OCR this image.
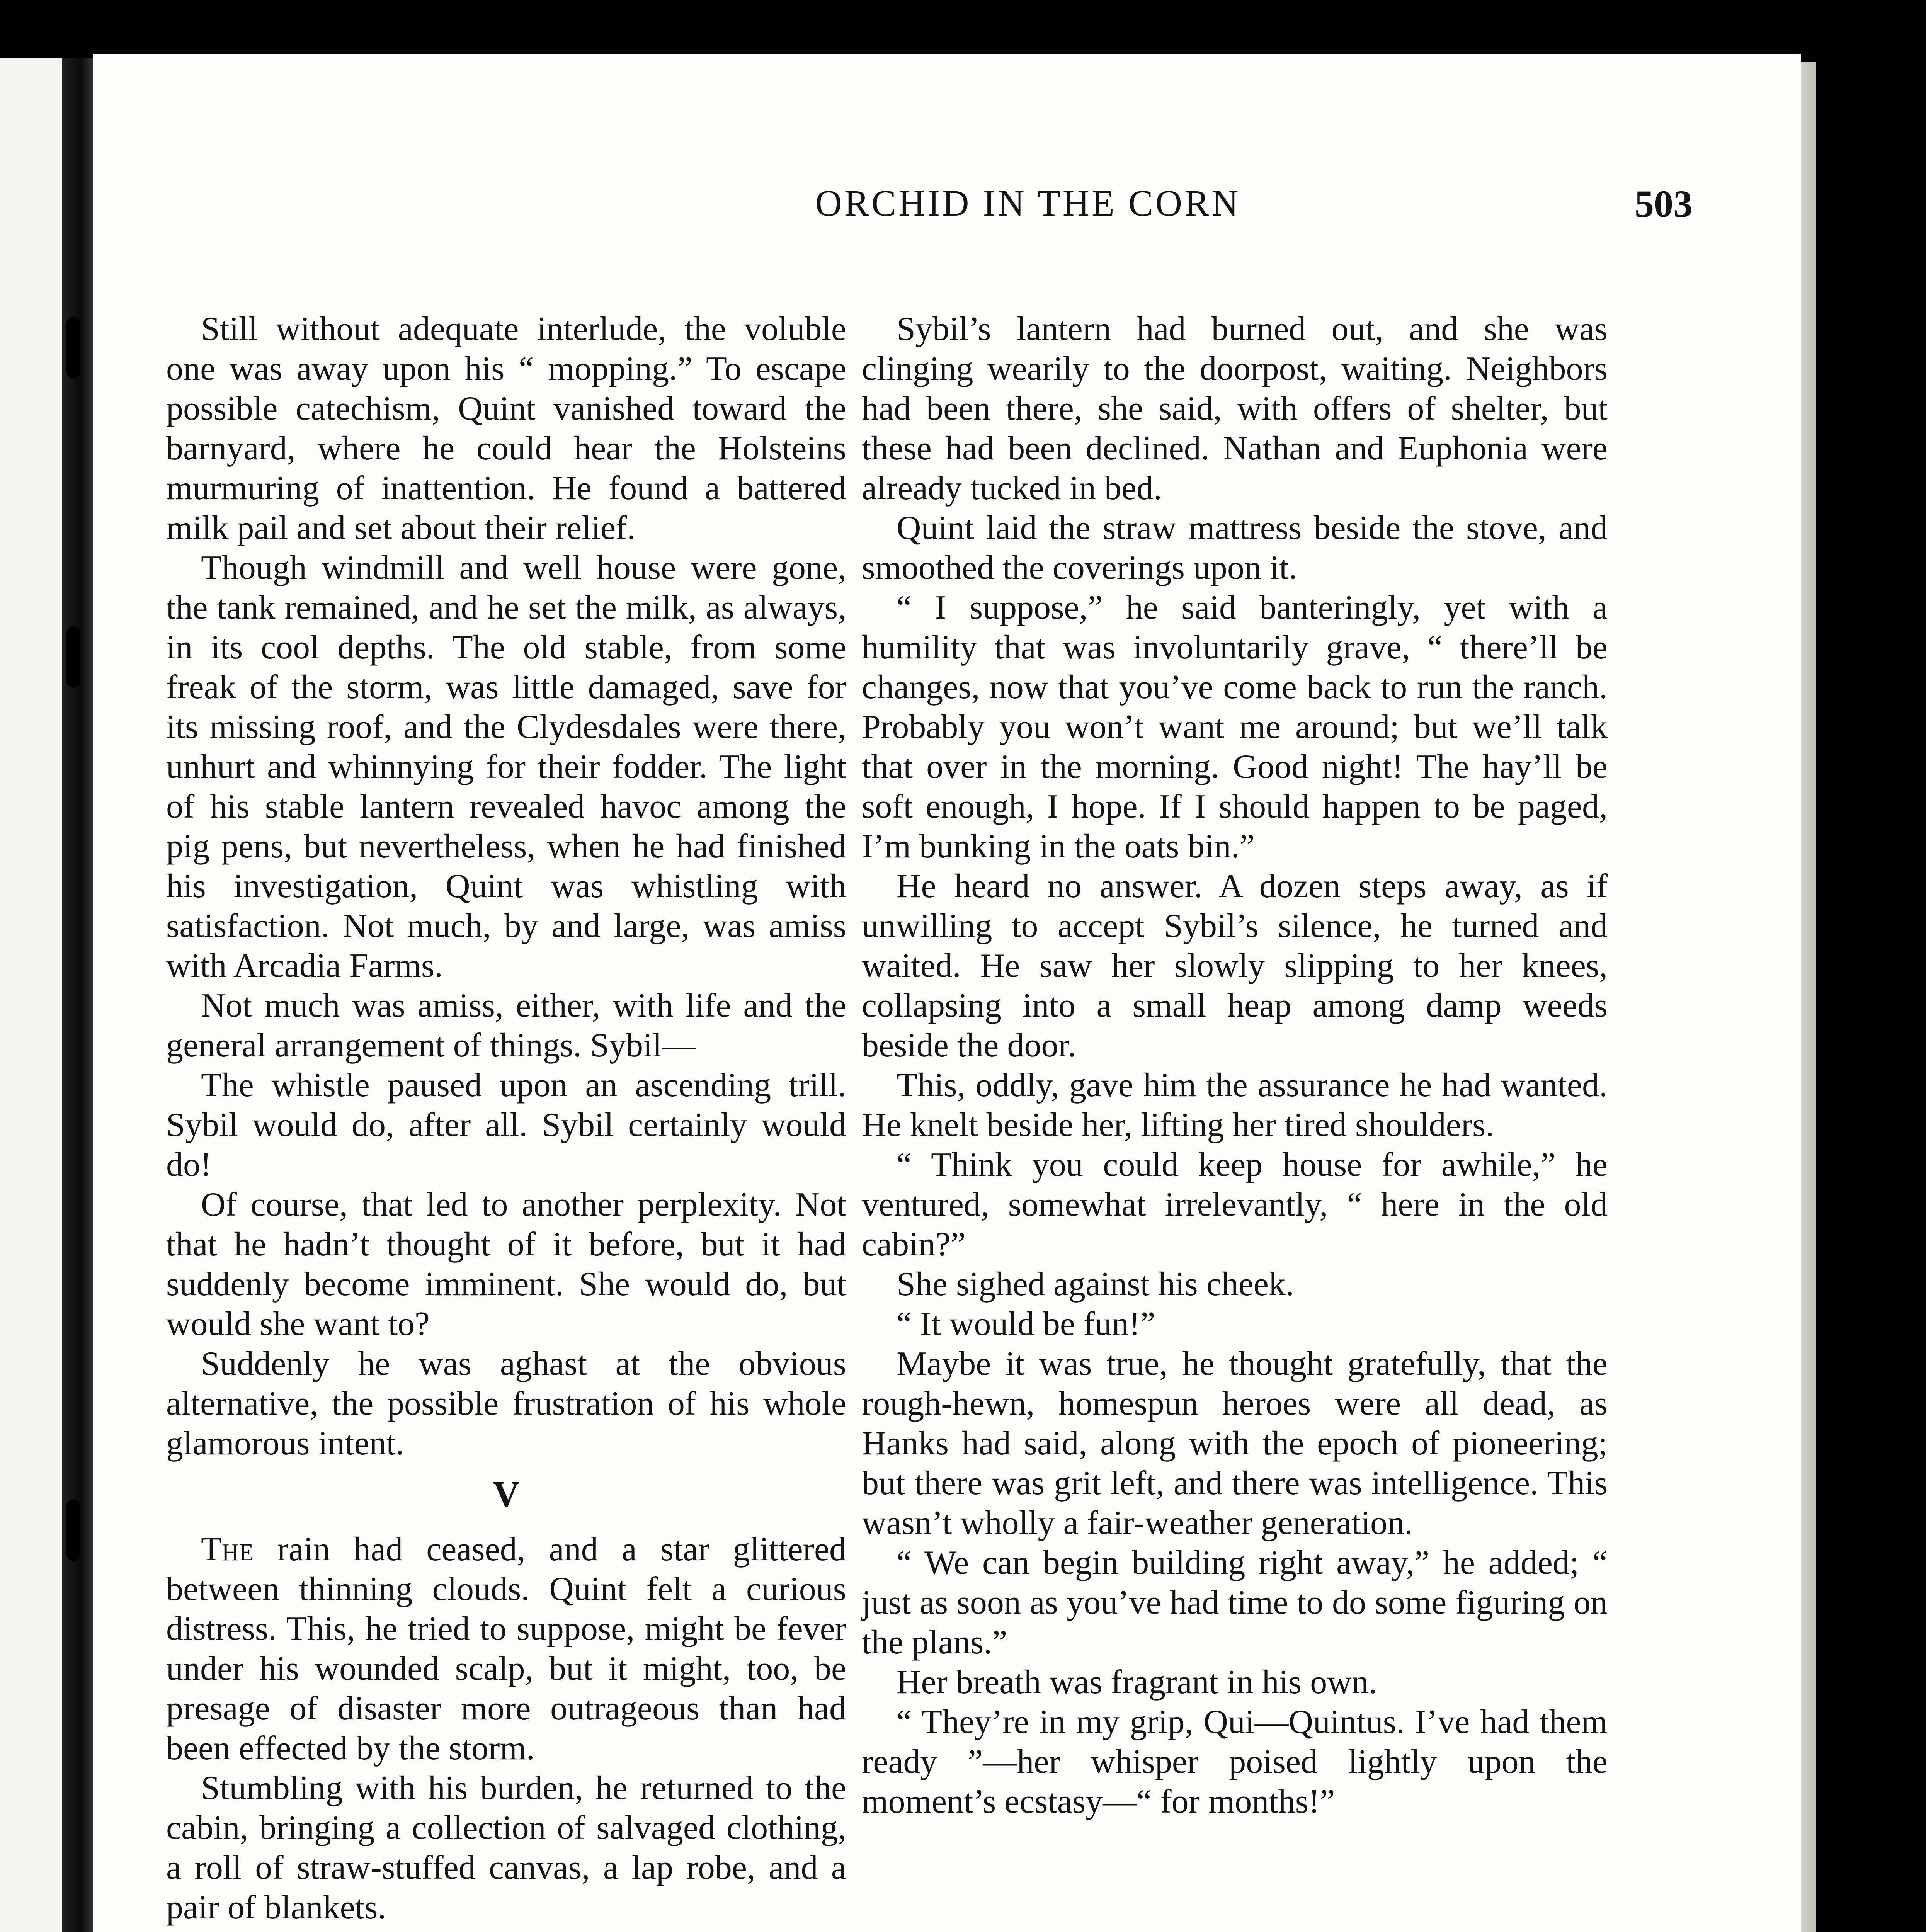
ORCHID IN THE CORN	503

Still without adequate interlude, the voluble one was away upon his “ mopping.” To escape possible catechism, Quint vanished toward the barnyard, where he could hear the Holsteins murmuring of inattention. He found a battered milk pail and set about their relief.

Though windmill and well house were gone, the tank remained, and he set the milk, as always, in its cool depths. The old stable, from some freak of the storm, was little damaged, save for its missing roof, and the Clydesdales were there, unhurt and whinnying for their fodder. The light of his stable lantern revealed havoc among the pig pens, but nevertheless, when he had finished his investigation, Quint was whistling with satisfaction. Not much, by and large, was amiss with Arcadia Farms.

Not much was amiss, either, with life and the general arrangement of things. Sybil—

The whistle paused upon an ascending trill. Sybil would do, after all. Sybil certainly would do!

Of course, that led to another perplexity. Not that he hadn’t thought of it before, but it had suddenly become imminent. She would do, but would she want to?

Suddenly he was aghast at the obvious alternative, the possible frustration of his whole glamorous intent.

V

The rain had ceased, and a star glittered between thinning clouds. Quint felt a curious distress. This, he tried to suppose, might be fever under his wounded scalp, but it might, too, be presage of disaster more outrageous than had been effected by the storm.

Stumbling with his burden, he returned to the cabin, bringing a collection of salvaged clothing, a roll of straw-stuffed canvas, a lap robe, and a pair of blankets.

Sybil’s lantern had burned out, and she was clinging wearily to the doorpost, waiting. Neighbors had been there, she said, with offers of shelter, but these had been declined. Nathan and Euphonia were already tucked in bed.

Quint laid the straw mattress beside the stove, and smoothed the coverings upon it.

“ I suppose,” he said banteringly, yet with a humility that was involuntarily grave, “ there’ll be changes, now that you’ve come back to run the ranch. Probably you won’t want me around; but we’ll talk that over in the morning. Good night! The hay’ll be soft enough, I hope. If I should happen to be paged, I’m bunking in the oats bin.”

He heard no answer. A dozen steps away, as if unwilling to accept Sybil’s silence, he turned and waited. He saw her slowly slipping to her knees, collapsing into a small heap among damp weeds beside the door.

This, oddly, gave him the assurance he had wanted. He knelt beside her, lifting her tired shoulders.

“ Think you could keep house for awhile,” he ventured, somewhat irrelevantly, “ here in the old cabin?”

She sighed against his cheek.

“ It would be fun!”

Maybe it was true, he thought gratefully, that the rough-hewn, homespun heroes were all dead, as Hanks had said, along with the epoch of pioneering; but there was grit left, and there was intelligence. This wasn’t wholly a fair-weather generation.

“ We can begin building right away,” he added; “ just as soon as you’ve had time to do some figuring on the plans.”

Her breath was fragrant in his own.

“ They’re in my grip, Qui—Quintus. I’ve had them ready ”—her whisper poised lightly upon the moment’s ecstasy—“ for months!”
